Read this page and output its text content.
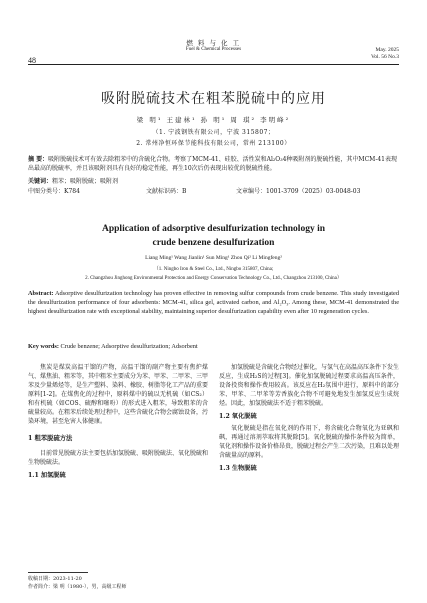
48
燃 料 与 化 工
Fuel & Chemical Processes	May. 2025
Vol. 56 No.3
吸附脱硫技术在粗苯脱硫中的应用
梁 明¹ 王建林¹ 孙 明¹ 周 琪² 李明峰²
（1. 宁波钢铁有限公司，宁波 315807；
2. 常州净恒环保节能科技有限公司，常州 213100）
摘 要：吸附脱硫技术可有效去除粗苯中的含硫化合物。考察了MCM-41、硅胶、活性炭和Al₂O₃4种吸附剂的脱硫性能，其中MCM-41表现出最高的脱硫率，并且该吸附剂具有良好的稳定性能，再生10次后仍表现出较优的脱硫性能。
关键词：粗苯；吸附脱硫；吸附剂
中图分类号：K784	文献标识码：B	文章编号：1001-3709（2025）03-0048-03
Application of adsorptive desulfurization technology in
crude benzene desulfurization
Liang Ming¹ Wang Jianlin¹ Sun Ming¹ Zhou Qi² Li Mingfeng²
（1. Ningbo Iron & Steel Co., Ltd., Ningbo 315807, China;
2. Changzhou Jinghong Environmental Protection and Energy Conservation Technology Co., Ltd., Changzhou 213100, China）
Abstract: Adsorptive desulfurization technology has proven effective in removing sulfur compounds from crude benzene. This study investigated the desulfurization performance of four adsorbents: MCM-41, silica gel, activated carbon, and Al₂O₃. Among these, MCM-41 demonstrated the highest desulfurization rate with exceptional stability, maintaining superior desulfurization capability even after 10 regeneration cycles.
Key words: Crude benzene; Adsorptive desulfurization; Adsorbent

焦炭是煤炭高温干馏的产物，高温干馏的副产物主要有焦炉煤气、煤焦油、粗苯等，其中粗苯主要成分为苯、甲苯、二甲苯、三甲苯及少量烯烃等，是生产塑料、染料、橡胶、树脂等化工产品的重要原料[1-2]。在煤焦化的过程中，原料煤中的硫以无机硫（如CS₂）和有机硫（如COS、硫醇和噻吩）的形式进入粗苯，导致粗苯的含硫量较高。在粗苯后续处理过程中，这些含硫化合物会腐蚀设备，污染环境，甚至危害人体健康。

1 粗苯脱硫方法

目前常见脱硫方法主要包括加氢脱硫、吸附脱硫法、氧化脱硫和生物脱硫法。

1.1 加氢脱硫

加氢脱硫是含硫化合物经过催化，与氢气在高温高压条件下发生反应，生成H₂S的过程[3]。催化加氢脱硫过程要求高温高压条件，设备投资和操作费用较高。该反应在H₂氛围中进行，原料中的部分苯、甲苯、二甲苯等芳香族化合物不可避免地发生加氢反应生成烷烃。因此，加氢脱硫法不适于粗苯脱硫。

1.2 氧化脱硫

氧化脱硫是指在氧化剂的作用下，将含硫化合物氧化为亚砜和砜，再通过溶剂萃取将其脱除[5]。氧化脱硫的操作条件较为简单，氧化剂和操作设备价格昂贵，脱硫过程会产生二次污染，且难以处理含硫量高的原料。

1.3 生物脱硫
收稿日期：2023-11-20
作者简介：梁 明（1980-），男，高级工程师
